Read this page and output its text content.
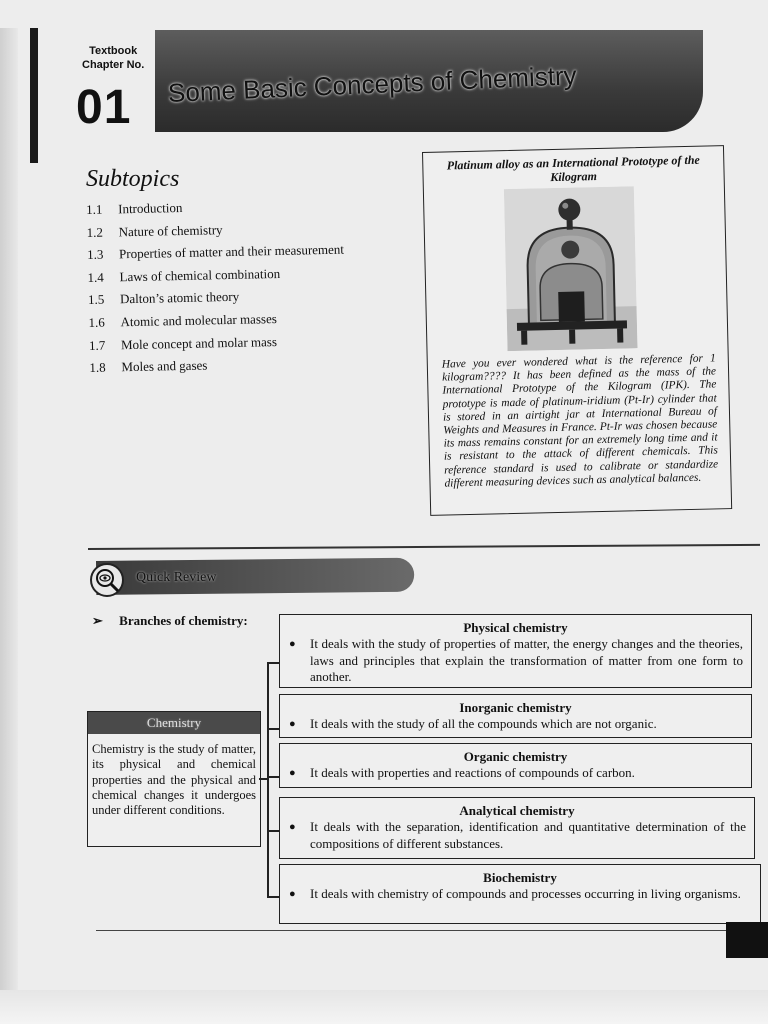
Textbook
Chapter No.
01 Some Basic Concepts of Chemistry
Subtopics
1.1 Introduction
1.2 Nature of chemistry
1.3 Properties of matter and their measurement
1.4 Laws of chemical combination
1.5 Dalton’s atomic theory
1.6 Atomic and molecular masses
1.7 Mole concept and molar mass
1.8 Moles and gases
Platinum alloy as an International Prototype of the Kilogram
Have you ever wondered what is the reference for 1 kilogram???? It has been defined as the mass of the International Prototype of the Kilogram (IPK). The prototype is made of platinum-iridium (Pt-Ir) cylinder that is stored in an airtight jar at International Bureau of Weights and Measures in France. Pt-Ir was chosen because its mass remains constant for an extremely long time and it is resistant to the attack of different chemicals. This reference standard is used to calibrate or standardize different measuring devices such as analytical balances.
Quick Review
➢     Branches of chemistry:
Chemistry
Chemistry is the study of matter, its physical and chemical properties and the physical and chemical changes it undergoes under different conditions.
Physical chemistry
● It deals with the study of properties of matter, the energy changes and the theories, laws and principles that explain the transformation of matter from one form to another.
Inorganic chemistry
● It deals with the study of all the compounds which are not organic.
Organic chemistry
● It deals with properties and reactions of compounds of carbon.
Analytical chemistry
● It deals with the separation, identification and quantitative determination of the compositions of different substances.
Biochemistry
● It deals with chemistry of compounds and processes occurring in living organisms.
